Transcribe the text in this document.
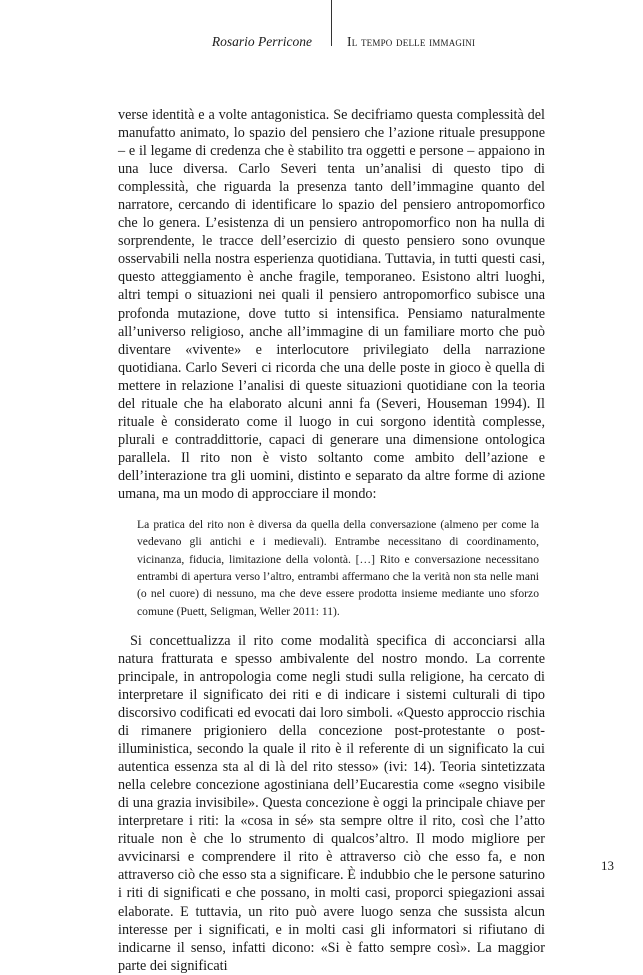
Rosario Perricone	Il tempo delle immagini

verse identità e a volte antagonistica. Se decifriamo questa complessità del manufatto animato, lo spazio del pensiero che l’azione rituale presuppone – e il legame di credenza che è stabilito tra oggetti e persone – appaiono in una luce diversa. Carlo Severi tenta un’analisi di questo tipo di complessità, che riguarda la presenza tanto dell’immagine quanto del narratore, cercando di identificare lo spazio del pensiero antropomorfico che lo genera. L’esistenza di un pensiero antropomorfico non ha nulla di sorprendente, le tracce dell’esercizio di questo pensiero sono ovunque osservabili nella nostra esperienza quotidiana. Tuttavia, in tutti questi casi, questo atteggiamento è anche fragile, temporaneo. Esistono altri luoghi, altri tempi o situazioni nei quali il pensiero antropomorfico subisce una profonda mutazione, dove tutto si intensifica. Pensiamo naturalmente all’universo religioso, anche all’immagine di un familiare morto che può diventare «vivente» e interlocutore privilegiato della narrazione quotidiana. Carlo Severi ci ricorda che una delle poste in gioco è quella di mettere in relazione l’analisi di queste situazioni quotidiane con la teoria del rituale che ha elaborato alcuni anni fa (Severi, Houseman 1994). Il rituale è considerato come il luogo in cui sorgono identità complesse, plurali e contraddittorie, capaci di generare una dimensione ontologica parallela. Il rito non è visto soltanto come ambito dell’azione e dell’interazione tra gli uomini, distinto e separato da altre forme di azione umana, ma un modo di approcciare il mondo:

La pratica del rito non è diversa da quella della conversazione (almeno per come la vedevano gli antichi e i medievali). Entrambe necessitano di coordinamento, vicinanza, fiducia, limitazione della volontà. […] Rito e conversazione necessitano entrambi di apertura verso l’altro, entrambi affermano che la verità non sta nelle mani (o nel cuore) di nessuno, ma che deve essere prodotta insieme mediante uno sforzo comune (Puett, Seligman, Weller 2011: 11).

Si concettualizza il rito come modalità specifica di acconciarsi alla natura fratturata e spesso ambivalente del nostro mondo. La corrente principale, in antropologia come negli studi sulla religione, ha cercato di interpretare il significato dei riti e di indicare i sistemi culturali di tipo discorsivo codificati ed evocati dai loro simboli. «Questo approccio rischia di rimanere prigioniero della concezione post-protestante o post-illuministica, secondo la quale il rito è il referente di un significato la cui autentica essenza sta al di là del rito stesso» (ivi: 14). Teoria sintetizzata nella celebre concezione agostiniana dell’Eucarestia come «segno visibile di una grazia invisibile». Questa concezione è oggi la principale chiave per interpretare i riti: la «cosa in sé» sta sempre oltre il rito, così che l’atto rituale non è che lo strumento di qualcos’altro. Il modo migliore per avvicinarsi e comprendere il rito è attraverso ciò che esso fa, e non attraverso ciò che esso sta a significare. È indubbio che le persone saturino i riti di significati e che possano, in molti casi, proporci spiegazioni assai elaborate. E tuttavia, un rito può avere luogo senza che sussista alcun interesse per i significati, e in molti casi gli informatori si rifiutano di indicarne il senso, infatti dicono: «Si è fatto sempre così». La maggior parte dei significati

13
